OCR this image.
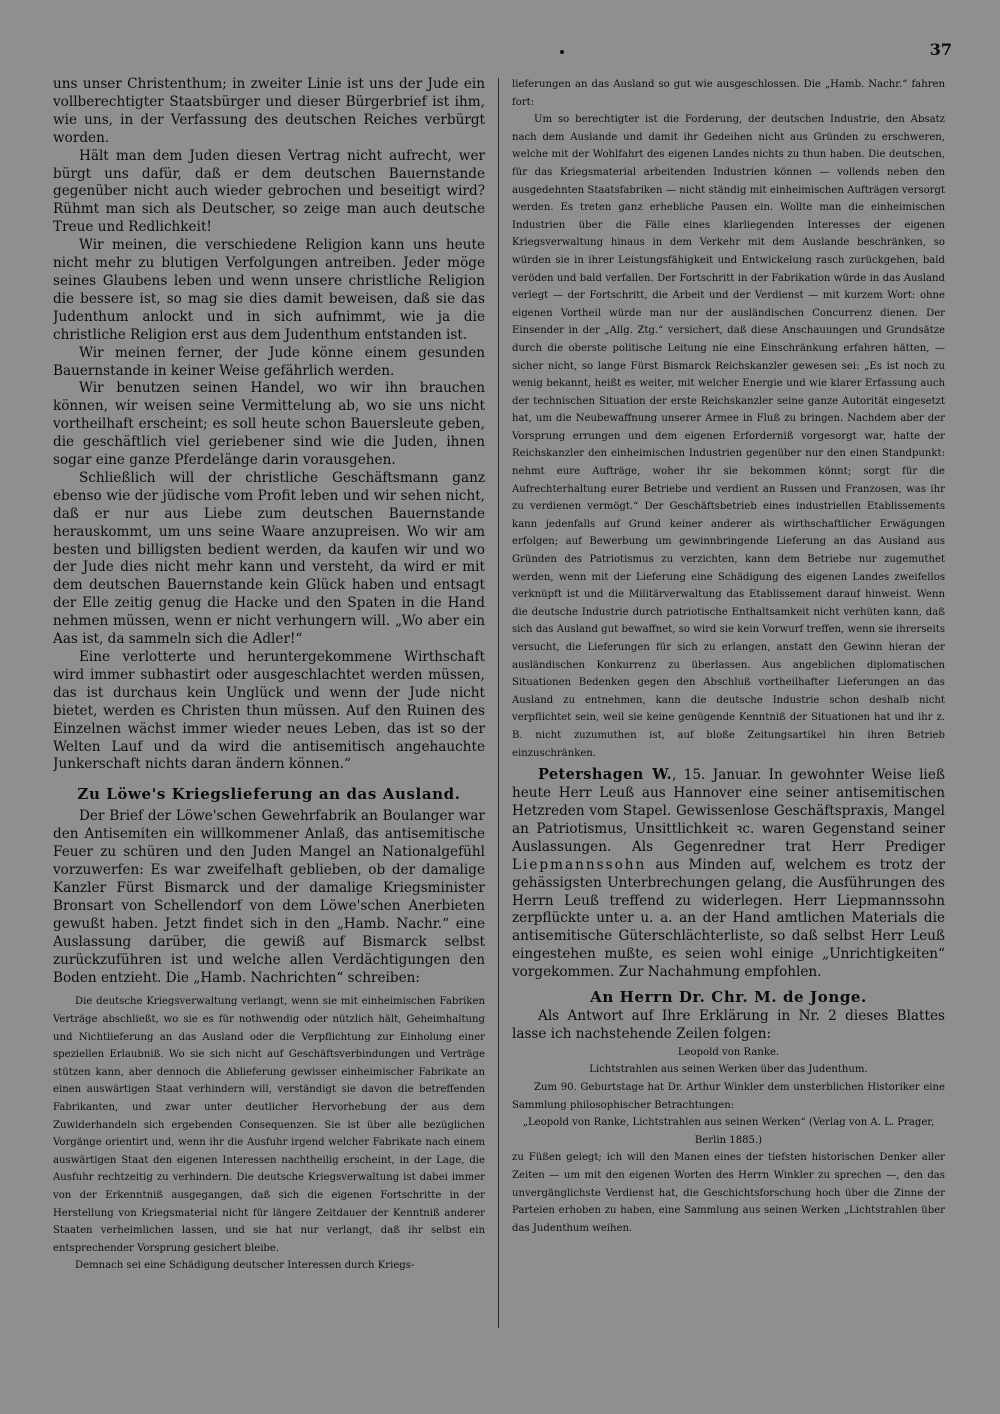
37

uns unser Christenthum; in zweiter Linie ist uns der Jude ein vollberechtigter Staatsbürger und dieser Bürgerbrief ist ihm, wie uns, in der Verfassung des deutschen Reiches verbürgt worden.

Hält man dem Juden diesen Vertrag nicht aufrecht, wer bürgt uns dafür, daß er dem deutschen Bauernstande gegenüber nicht auch wieder gebrochen und beseitigt wird? Rühmt man sich als Deutscher, so zeige man auch deutsche Treue und Redlichkeit!

Wir meinen, die verschiedene Religion kann uns heute nicht mehr zu blutigen Verfolgungen antreiben. Jeder möge seines Glaubens leben und wenn unsere christliche Religion die bessere ist, so mag sie dies damit beweisen, daß sie das Judenthum anlockt und in sich aufnimmt, wie ja die christliche Religion erst aus dem Judenthum entstanden ist.

Wir meinen ferner, der Jude könne einem gesunden Bauernstande in keiner Weise gefährlich werden.

Wir benutzen seinen Handel, wo wir ihn brauchen können, wir weisen seine Vermittelung ab, wo sie uns nicht vortheilhaft erscheint; es soll heute schon Bauersleute geben, die geschäftlich viel geriebener sind wie die Juden, ihnen sogar eine ganze Pferdelänge darin vorausgehen.

Schließlich will der christliche Geschäftsmann ganz ebenso wie der jüdische vom Profit leben und wir sehen nicht, daß er nur aus Liebe zum deutschen Bauernstande herauskommt, um uns seine Waare anzupreisen. Wo wir am besten und billigsten bedient werden, da kaufen wir und wo der Jude dies nicht mehr kann und versteht, da wird er mit dem deutschen Bauernstande kein Glück haben und entsagt der Elle zeitig genug die Hacke und den Spaten in die Hand nehmen müssen, wenn er nicht verhungern will. „Wo aber ein Aas ist, da sammeln sich die Adler!“

Eine verlotterte und heruntergekommene Wirthschaft wird immer subhastirt oder ausgeschlachtet werden müssen, das ist durchaus kein Unglück und wenn der Jude nicht bietet, werden es Christen thun müssen. Auf den Ruinen des Einzelnen wächst immer wieder neues Leben, das ist so der Welten Lauf und da wird die antisemitisch angehauchte Junkerschaft nichts daran ändern können.“

Zu Löwe's Kriegslieferung an das Ausland.

Der Brief der Löwe'schen Gewehrfabrik an Boulanger war den Antisemiten ein willkommener Anlaß, das antisemitische Feuer zu schüren und den Juden Mangel an Nationalgefühl vorzuwerfen: Es war zweifelhaft geblieben, ob der damalige Kanzler Fürst Bismarck und der damalige Kriegsminister Bronsart von Schellendorf von dem Löwe'schen Anerbieten gewußt haben. Jetzt findet sich in den „Hamb. Nachr.“ eine Auslassung darüber, die gewiß auf Bismarck selbst zurückzuführen ist und welche allen Verdächtigungen den Boden entzieht. Die „Hamb. Nachrichten“ schreiben:

Die deutsche Kriegsverwaltung verlangt, wenn sie mit einheimischen Fabriken Verträge abschließt, wo sie es für nothwendig oder nützlich hält, Geheimhaltung und Nichtlieferung an das Ausland oder die Verpflichtung zur Einholung einer speziellen Erlaubniß. Wo sie sich nicht auf Geschäftsverbindungen und Verträge stützen kann, aber dennoch die Ablieferung gewisser einheimischer Fabrikate an einen auswärtigen Staat verhindern will, verständigt sie davon die betreffenden Fabrikanten, und zwar unter deutlicher Hervorhebung der aus dem Zuwiderhandeln sich ergebenden Consequenzen. Sie ist über alle bezüglichen Vorgänge orientirt und, wenn ihr die Ausfuhr irgend welcher Fabrikate nach einem auswärtigen Staat den eigenen Interessen nachtheilig erscheint, in der Lage, die Ausfuhr rechtzeitig zu verhindern. Die deutsche Kriegsverwaltung ist dabei immer von der Erkenntniß ausgegangen, daß sich die eigenen Fortschritte in der Herstellung von Kriegsmaterial nicht für längere Zeitdauer der Kenntniß anderer Staaten verheimlichen lassen, und sie hat nur verlangt, daß ihr selbst ein entsprechender Vorsprung gesichert bleibe.

Demnach sei eine Schädigung deutscher Interessen durch Kriegs-

lieferungen an das Ausland so gut wie ausgeschlossen. Die „Hamb. Nachr.“ fahren fort:

Um so berechtigter ist die Forderung, der deutschen Industrie, den Absatz nach dem Auslande und damit ihr Gedeihen nicht aus Gründen zu erschweren, welche mit der Wohlfahrt des eigenen Landes nichts zu thun haben. Die deutschen, für das Kriegsmaterial arbeitenden Industrien können — vollends neben den ausgedehnten Staatsfabriken — nicht ständig mit einheimischen Aufträgen versorgt werden. Es treten ganz erhebliche Pausen ein. Wollte man die einheimischen Industrien über die Fälle eines klarliegenden Interesses der eigenen Kriegsverwaltung hinaus in dem Verkehr mit dem Auslande beschränken, so würden sie in ihrer Leistungsfähigkeit und Entwickelung rasch zurückgehen, bald veröden und bald verfallen. Der Fortschritt in der Fabrikation würde in das Ausland verlegt — der Fortschritt, die Arbeit und der Verdienst — mit kurzem Wort: ohne eigenen Vortheil würde man nur der ausländischen Concurrenz dienen. Der Einsender in der „Allg. Ztg.“ versichert, daß diese Anschauungen und Grundsätze durch die oberste politische Leitung nie eine Einschränkung erfahren hätten, — sicher nicht, so lange Fürst Bismarck Reichskanzler gewesen sei: „Es ist noch zu wenig bekannt, heißt es weiter, mit welcher Energie und wie klarer Erfassung auch der technischen Situation der erste Reichskanzler seine ganze Autorität eingesetzt hat, um die Neubewaffnung unserer Armee in Fluß zu bringen. Nachdem aber der Vorsprung errungen und dem eigenen Erforderniß vorgesorgt war, hatte der Reichskanzler den einheimischen Industrien gegenüber nur den einen Standpunkt: nehmt eure Aufträge, woher ihr sie bekommen könnt; sorgt für die Aufrechterhaltung eurer Betriebe und verdient an Russen und Franzosen, was ihr zu verdienen vermögt.“ Der Geschäftsbetrieb eines industriellen Etablissements kann jedenfalls auf Grund keiner anderer als wirthschaftlicher Erwägungen erfolgen; auf Bewerbung um gewinnbringende Lieferung an das Ausland aus Gründen des Patriotismus zu verzichten, kann dem Betriebe nur zugemuthet werden, wenn mit der Lieferung eine Schädigung des eigenen Landes zweifellos verknüpft ist und die Militärverwaltung das Etablissement darauf hinweist. Wenn die deutsche Industrie durch patriotische Enthaltsamkeit nicht verhüten kann, daß sich das Ausland gut bewaffnet, so wird sie kein Vorwurf treffen, wenn sie ihrerseits versucht, die Lieferungen für sich zu erlangen, anstatt den Gewinn hieran der ausländischen Konkurrenz zu überlassen. Aus angeblichen diplomatischen Situationen Bedenken gegen den Abschluß vortheilhafter Lieferungen an das Ausland zu entnehmen, kann die deutsche Industrie schon deshalb nicht verpflichtet sein, weil sie keine genügende Kenntniß der Situationen hat und ihr z. B. nicht zuzumuthen ist, auf bloße Zeitungsartikel hin ihren Betrieb einzuschränken.

Petershagen W., 15. Januar. In gewohnter Weise ließ heute Herr Leuß aus Hannover eine seiner antisemitischen Hetzreden vom Stapel. Gewissenlose Geschäftspraxis, Mangel an Patriotismus, Unsittlichkeit ꝛc. waren Gegenstand seiner Auslassungen. Als Gegenredner trat Herr Prediger Liepmannssohn aus Minden auf, welchem es trotz der gehässigsten Unterbrechungen gelang, die Ausführungen des Herrn Leuß treffend zu widerlegen. Herr Liepmannssohn zerpflückte unter u. a. an der Hand amtlichen Materials die antisemitische Güterschlächterliste, so daß selbst Herr Leuß eingestehen mußte, es seien wohl einige „Unrichtigkeiten“ vorgekommen. Zur Nachahmung empfohlen.

An Herrn Dr. Chr. M. de Jonge.

Als Antwort auf Ihre Erklärung in Nr. 2 dieses Blattes lasse ich nachstehende Zeilen folgen:

Leopold von Ranke.
Lichtstrahlen aus seinen Werken über das Judenthum.

Zum 90. Geburtstage hat Dr. Arthur Winkler dem unsterblichen Historiker eine Sammlung philosophischer Betrachtungen:

„Leopold von Ranke, Lichtstrahlen aus seinen Werken“ (Verlag von A. L. Prager, Berlin 1885.)

zu Füßen gelegt; ich will den Manen eines der tiefsten historischen Denker aller Zeiten — um mit den eigenen Worten des Herrn Winkler zu sprechen —, den das unvergänglichste Verdienst hat, die Geschichtsforschung hoch über die Zinne der Parteien erhoben zu haben, eine Sammlung aus seinen Werken „Lichtstrahlen über das Judenthum weihen.
